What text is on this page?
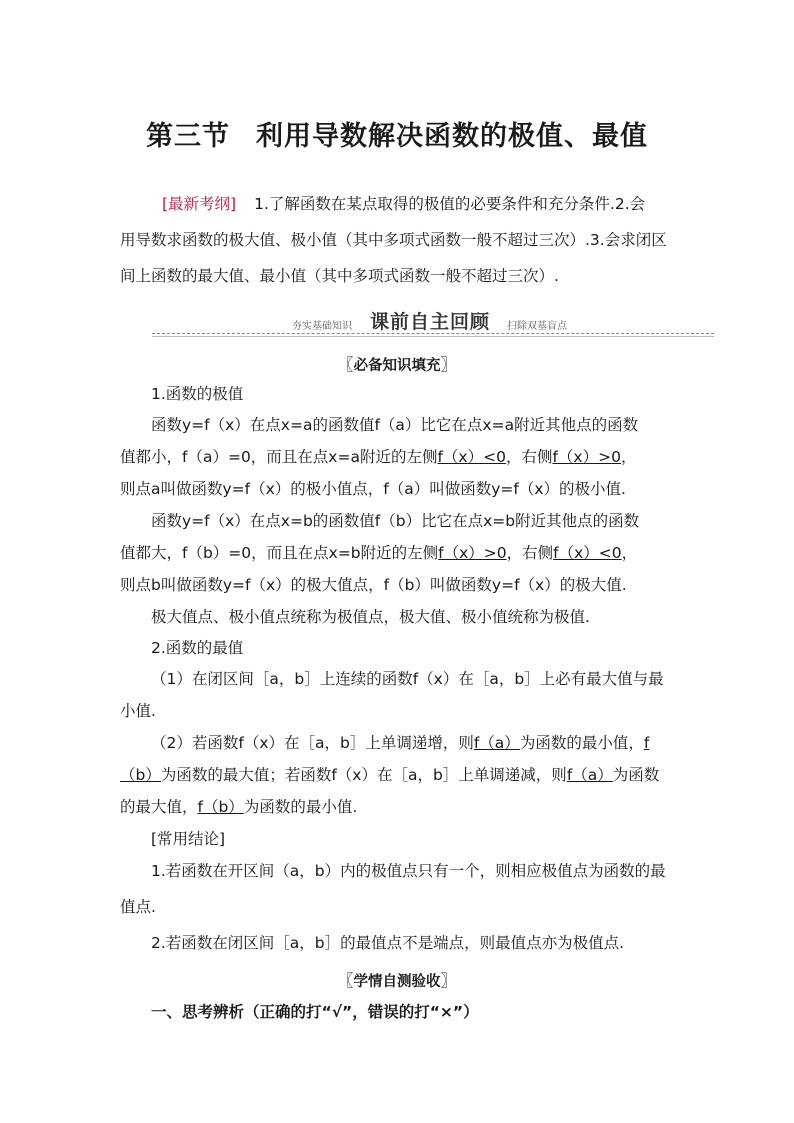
第三节 利用导数解决函数的极值、最值
[最新考纲] 1.了解函数在某点取得的极值的必要条件和充分条件.2.会
用导数求函数的极大值、极小值（其中多项式函数一般不超过三次）.3.会求闭区
间上函数的最大值、最小值（其中多项式函数一般不超过三次）.
夯实基础知识 课前自主回顾 扫除双基盲点
〖必备知识填充〗
1.函数的极值
函数y=f（x）在点x=a的函数值f（a）比它在点x=a附近其他点的函数
值都小，f（a）=0，而且在点x=a附近的左侧f（x）<0，右侧f（x）>0，
则点a叫做函数y=f（x）的极小值点，f（a）叫做函数y=f（x）的极小值.
函数y=f（x）在点x=b的函数值f（b）比它在点x=b附近其他点的函数
值都大，f（b）=0，而且在点x=b附近的左侧f（x）>0，右侧f（x）<0，
则点b叫做函数y=f（x）的极大值点，f（b）叫做函数y=f（x）的极大值.
极大值点、极小值点统称为极值点，极大值、极小值统称为极值.
2.函数的最值
（1）在闭区间［a，b］上连续的函数f（x）在［a，b］上必有最大值与最
小值.
（2）若函数f（x）在［a，b］上单调递增，则f（a）为函数的最小值，f
（b）为函数的最大值；若函数f（x）在［a，b］上单调递减，则f（a）为函数
的最大值，f（b）为函数的最小值.
[常用结论]
1.若函数在开区间（a，b）内的极值点只有一个，则相应极值点为函数的最
值点.
2.若函数在闭区间［a，b］的最值点不是端点，则最值点亦为极值点.
〖学情自测验收〗
一、思考辨析（正确的打“√”，错误的打“×”）
